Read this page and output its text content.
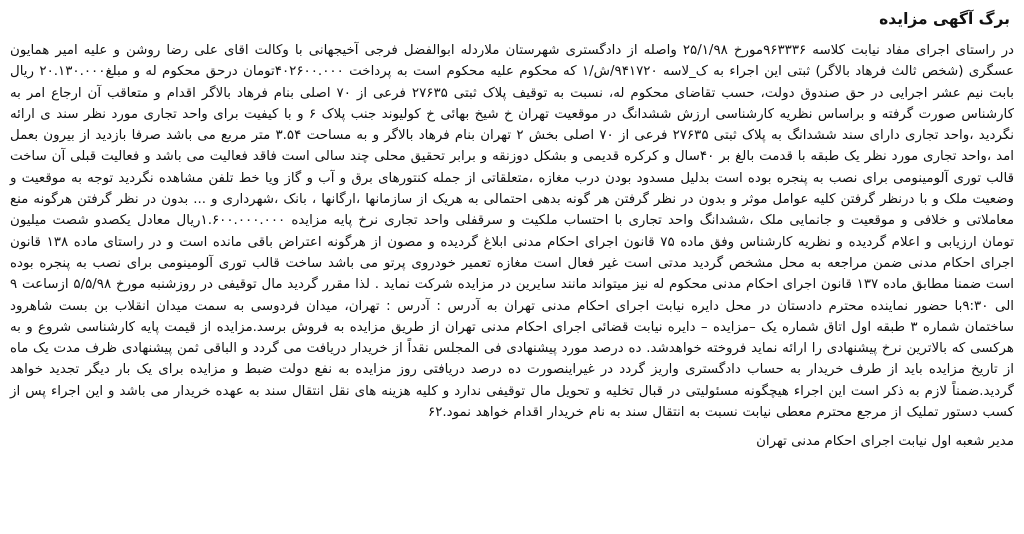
برگ آگهی مزایده

در راستای اجرای مفاد نیابت کلاسه ۹۶۳۳۳۶مورخ ۲۵/۱/۹۸ واصله از دادگستری شهرستان ملاردله ابوالفضل فرجی آخیجهانی با وکالت اقای علی رضا روشن و علیه امیر همایون عسگری (شخص ثالث فرهاد بالاگر) ثبتی این اجراء به ک_لاسه ۹۴۱۷۲۰/ش/۱ که محکوم علیه محکوم است به پرداخت ۴۰۲۶۰۰.۰۰۰تومان درحق محکوم له و مبلغ۲۰.۱۳۰.۰۰۰ ریال بابت نیم عشر اجرایی در حق صندوق دولت، حسب تقاضای محکوم له، نسبت به توقیف پلاک ثبتی ۲۷۶۳۵ فرعی از ۷۰ اصلی بنام فرهاد بالاگر اقدام و متعاقب آن ارجاع امر به کارشناس صورت گرفته و براساس نظریه کارشناسی ارزش ششدانگ در موقعیت تهران خ شیخ بهائی خ کولیوند جنب پلاک ۶ و با کیفیت برای واحد تجاری مورد نظر سند ی ارائه نگردید ،واحد تجاری دارای سند ششدانگ به پلاک ثبتی ۲۷۶۳۵ فرعی از ۷۰ اصلی بخش ۲ تهران بنام فرهاد بالاگر و به مساحت ۳.۵۴ متر مربع می باشد صرفا بازدید از بیرون بعمل امد ،واحد تجاری مورد نظر یک طبقه با قدمت بالغ بر ۴۰سال و کرکره قدیمی و بشکل دوزنقه و برابر تحقیق محلی چند سالی است فاقد فعالیت می باشد و فعالیت قبلی آن ساخت قالب توری آلومینومی برای نصب به پنجره بوده است بدلیل مسدود بودن درب مغازه ،متعلقاتی از جمله کنتورهای برق و آب و گاز ویا خط تلفن مشاهده نگردید توجه به موقعیت و وضعیت ملک و با درنظر گرفتن کلیه عوامل موثر و بدون در نظر گرفتن هر گونه بدهی احتمالی به هریک از سازمانها ،ارگانها ، بانک ،شهرداری و ... بدون در نظر گرفتن هرگونه منع معاملاتی و خلافی و موقعیت و جانمایی ملک ،ششدانگ واحد تجاری با احتساب ملکیت و سرقفلی واحد تجاری نرخ پایه مزایده ۱.۶۰۰.۰۰۰.۰۰۰ریال معادل یکصدو شصت میلیون تومان ارزیابی و اعلام گردیده و نظریه کارشناس وفق ماده ۷۵ قانون اجرای احکام مدنی ابلاغ گردیده و مصون از هرگونه اعتراض باقی مانده است و در راستای ماده ۱۳۸ قانون اجرای احکام مدنی ضمن مراجعه به محل مشخص گردید مدتی است غیر فعال است مغازه تعمیر خودروی پرتو می باشد ساخت قالب توری آلومینومی برای نصب به پنجره بوده است ضمنا مطابق ماده ۱۳۷ قانون اجرای احکام مدنی محکوم له نیز میتواند مانند سایرین در مزایده شرکت نماید . لذا مقرر گردید مال توقیفی در روزشنبه مورخ ۵/۵/۹۸ ازساعت ۹ الی ۹:۳۰با حضور نماینده محترم دادستان در محل دایره نیابت اجرای احکام مدنی تهران به آدرس : آدرس : تهران، میدان فردوسی به سمت میدان انقلاب بن بست شاهرود ساختمان شماره ۳ طبقه اول اتاق شماره یک –مزایده – دایره نیابت قضائی اجرای احکام مدنی تهران از طریق مزایده به فروش برسد.مزایده از قیمت پایه کارشناسی شروع و به هرکسی که بالاترین نرخ پیشنهادی را ارائه نماید فروخته خواهدشد. ده درصد مورد پیشنهادی فی المجلس نقداً از خریدار دریافت می گردد و الباقی ثمن پیشنهادی ظرف مدت یک ماه از تاریخ مزایده باید از طرف خریدار به حساب دادگستری واریز گردد در غیراینصورت ده درصد دریافتی روز مزایده به نفع دولت ضبط و مزایده برای یک بار دیگر تجدید خواهد گردید.ضمناً لازم به ذکر است این اجراء هیچگونه مسئولیتی در قبال تخلیه و تحویل مال توقیفی ندارد و کلیه هزینه های نقل انتقال سند به عهده خریدار می باشد و این اجراء پس از کسب دستور تملیک از مرجع محترم معطی نیابت نسبت به انتقال سند به نام خریدار اقدام خواهد نمود.۶۲

مدیر شعبه اول نیابت اجرای احکام مدنی تهران
